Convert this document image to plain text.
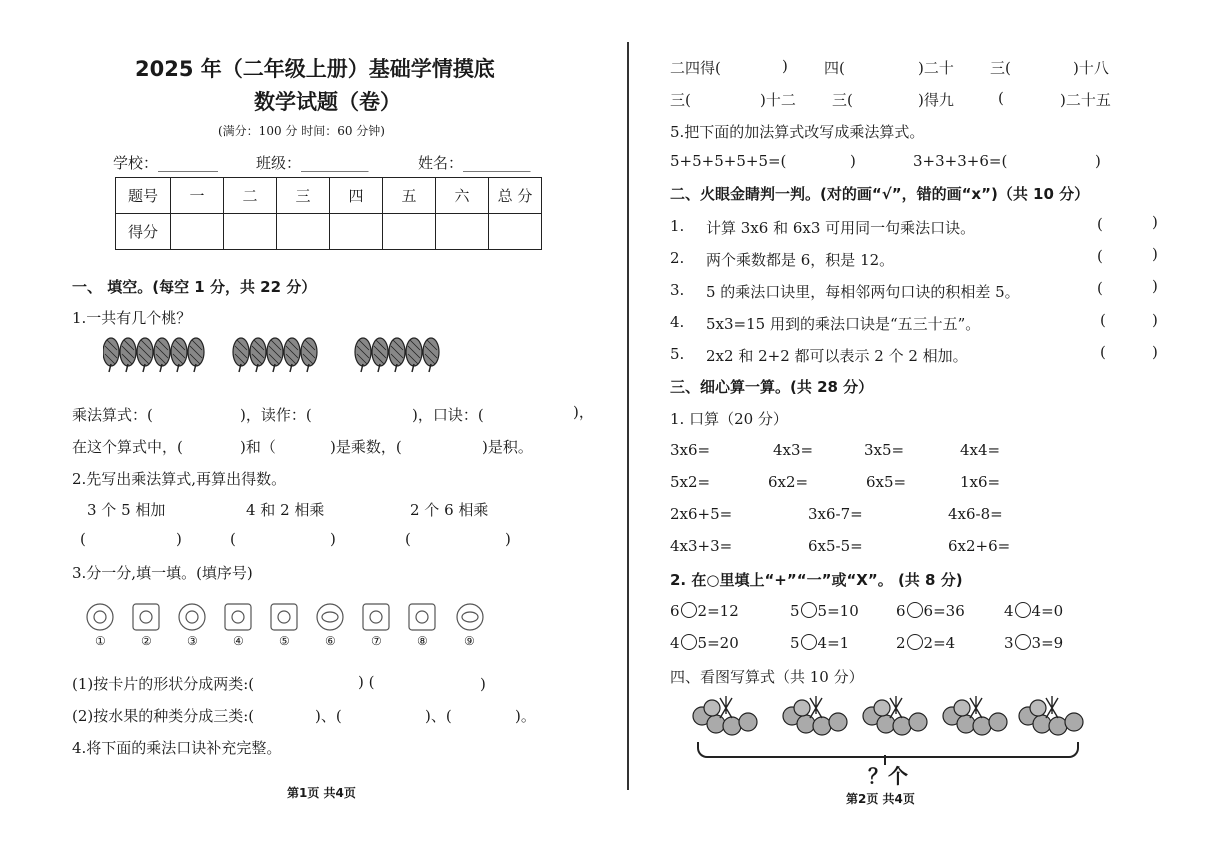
2025 年（二年级上册）基础学情摸底
数学试题（卷）
(满分：100 分 时间：60 分钟)
学校：________	班级：_________	姓名：_________
题号	一	二	三	四	五	六	总 分
得分							
一、 填空。(每空 1 分，共 22 分）
1.一共有几个桃？
乘法算式：(	)，读作：(	)，口诀：(	)，
在这个算式中，(	)和（	)是乘数，(	)是积。
2.先写出乘法算式,再算出得数。
3 个 5 相加	4 和 2 相乘	2 个 6 相乘
(	)	(	)	(	)
3.分一分,填一填。(填序号)
①	②	③	④	⑤	⑥	⑦	⑧	⑨
(1)按卡片的形状分成两类:(	) (	)
(2)按水果的种类分成三类:(	)、(	)、(	)。
4.将下面的乘法口诀补充完整。
第1页 共4页
二四得(	) 四(	)二十 三(	)十八
三(	)十二 三(	)得九	(	)二十五
5.把下面的加法算式改写成乘法算式。
5+5+5+5+5=(	)	3+3+3+6=(	)
二、火眼金睛判一判。(对的画“√”，错的画“x”)（共 10 分）
1. 计算 3x6 和 6x3 可用同一句乘法口诀。	(	)
2. 两个乘数都是 6，积是 12。	(	)
3. 5 的乘法口诀里，每相邻两句口诀的积相差 5。	(	)
4. 5x3=15 用到的乘法口诀是“五三十五”。	(	)
5. 2x2 和 2+2 都可以表示 2 个 2 相加。	(	)
三、细心算一算。(共 28 分）
1. 口算（20 分）
3x6=	4x3=	3x5=	4x4=
5x2=	6x2=	6x5=	1x6=
2x6+5=	3x6-7=	4x6-8=
4x3+3=	6x5-5=	6x2+6=
2. 在○里填上“+”“一”或“X”。 (共 8 分)
6 2=12	5 5=10 6 6=36	4 4=0
4 5=20	5 4=1	2 2=4	3 3=9
四、看图写算式（共 10 分）
？个
第2页 共4页
